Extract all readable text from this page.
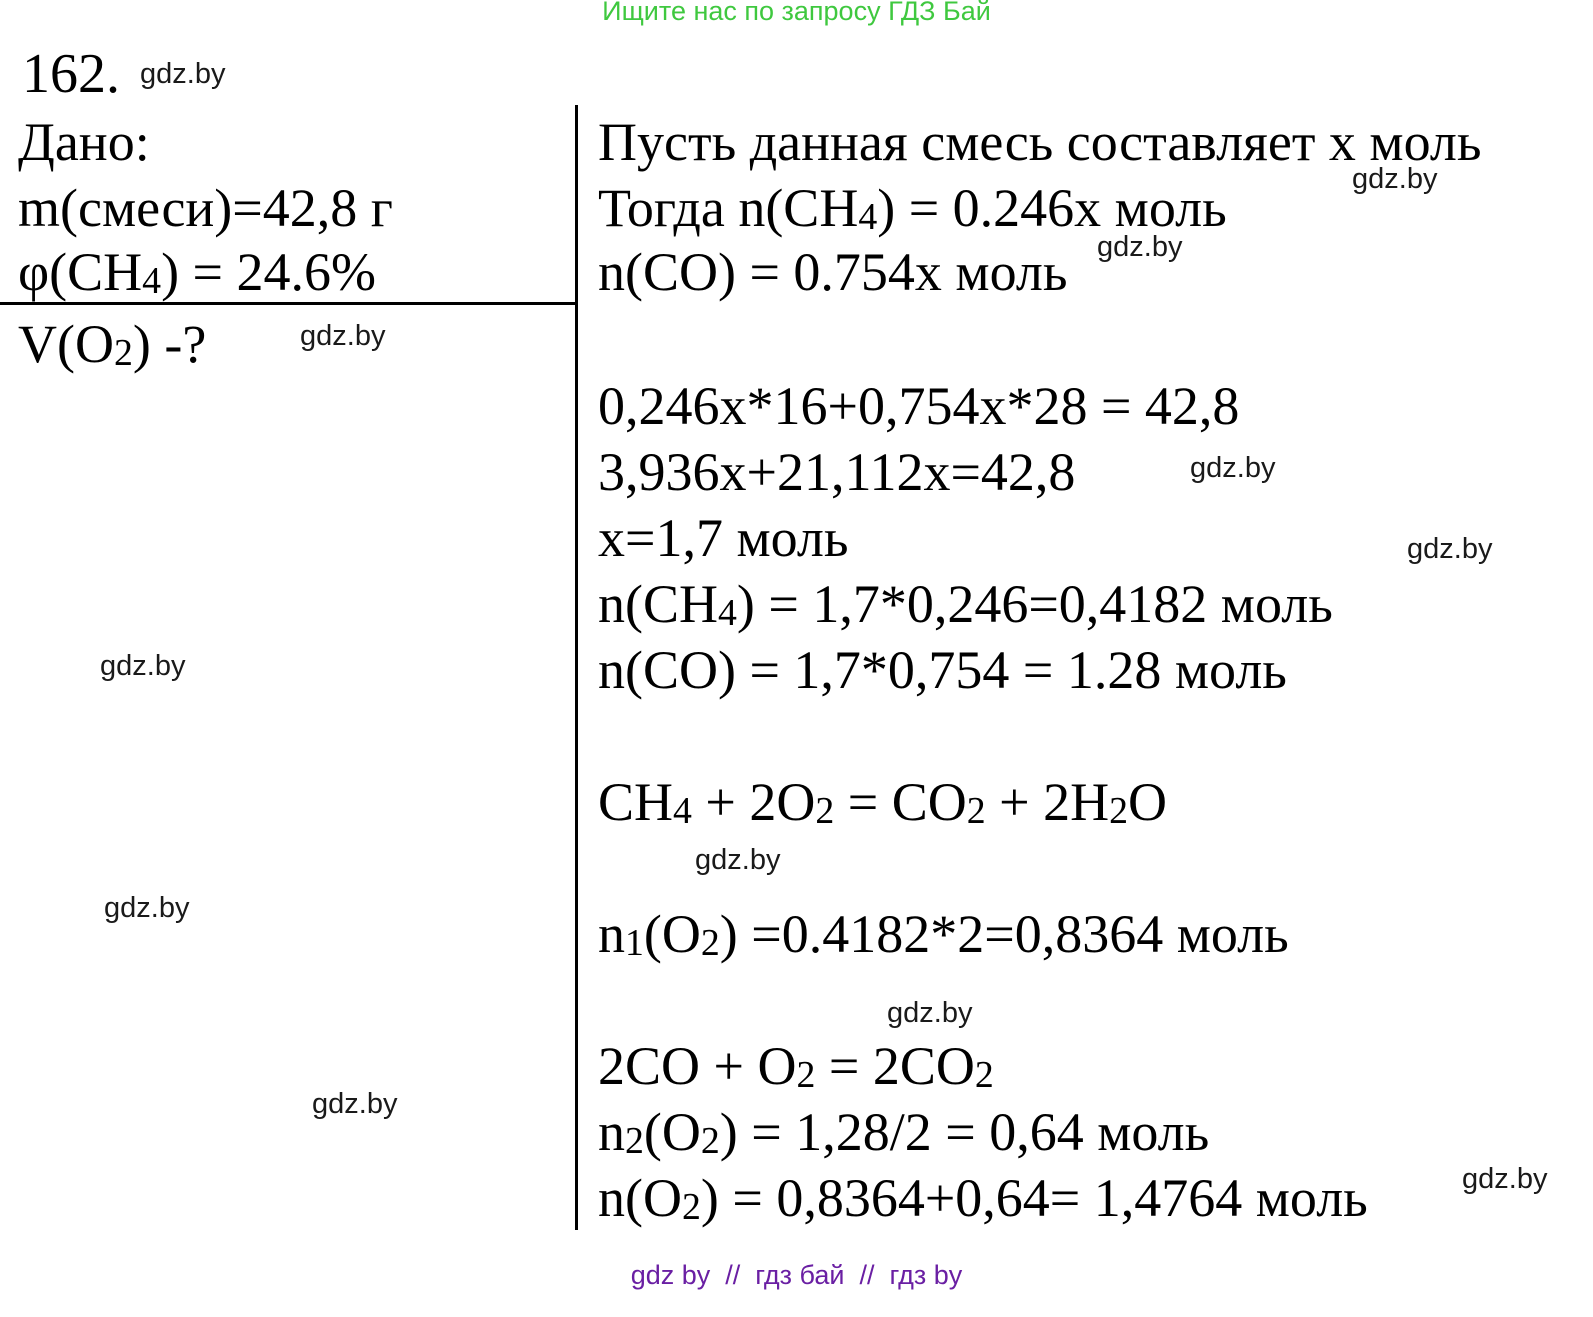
Ищите нас по запросу ГДЗ Бай
162. gdz.by
gdz.by
gdz.by
gdz.by
gdz.by
gdz.by
gdz.by
gdz.by
gdz.by
gdz.by
gdz.by
gdz.by
Дано:
m(смеси)=42,8 г
$\varphi(CH_4) = 24.6\%$
$V(O_2)$ -?
Пусть данная смесь составляет x моль
Тогда $n(CH_4) = 0.246x$ моль
n(CO) = 0.754x моль
0,246x*16+0,754x*28 = 42,8
3,936x+21,112x=42,8
x=1,7 моль
$n(CH_4) = 1,7*0,246=0,4182$ моль
n(CO) = 1,7*0,754 = 1.28 моль
$CH_4 + 2O_2 = CO_2 + 2H_2O$
$n_1(O_2) =0.4182*2=0,8364$ моль
$2CO + O_2 = 2CO_2$
$n_2(O_2) = 1,28/2 = 0,64$ моль
$n(O_2) = 0,8364+0,64= 1,4764$ моль
gdz by  //  гдз бай  //  гдз by
